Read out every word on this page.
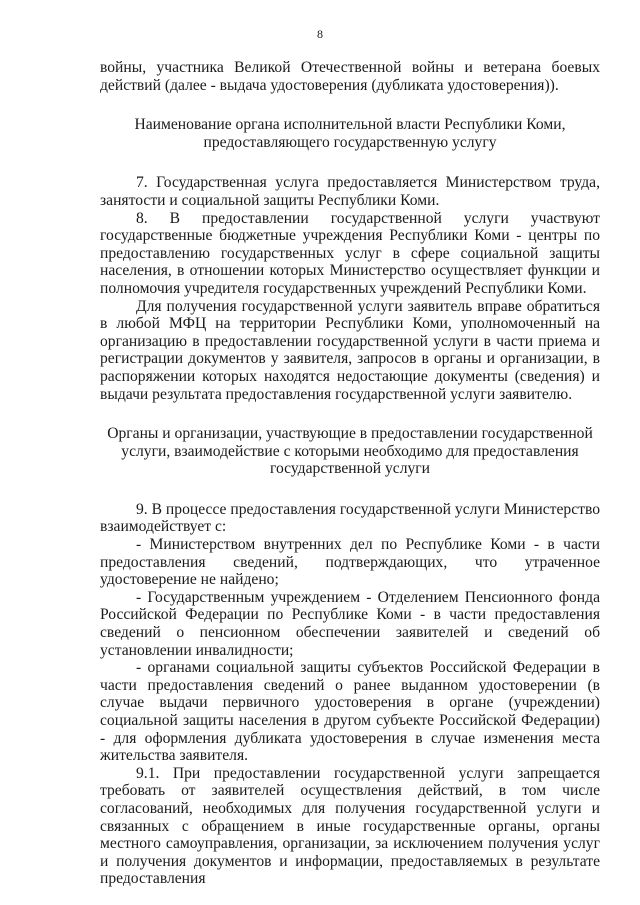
8

войны, участника Великой Отечественной войны и ветерана боевых действий (далее - выдача удостоверения (дубликата удостоверения)).

Наименование органа исполнительной власти Республики Коми,
предоставляющего государственную услугу

7. Государственная услуга предоставляется Министерством труда, занятости и социальной защиты Республики Коми.

8. В предоставлении государственной услуги участвуют государственные бюджетные учреждения Республики Коми - центры по предоставлению государственных услуг в сфере социальной защиты населения, в отношении которых Министерство осуществляет функции и полномочия учредителя государственных учреждений Республики Коми.

Для получения государственной услуги заявитель вправе обратиться в любой МФЦ на территории Республики Коми, уполномоченный на организацию в предоставлении государственной услуги в части приема и регистрации документов у заявителя, запросов в органы и организации, в распоряжении которых находятся недостающие документы (сведения) и выдачи результата предоставления государственной услуги заявителю.

Органы и организации, участвующие в предоставлении государственной
услуги, взаимодействие с которыми необходимо для предоставления
государственной услуги

9. В процессе предоставления государственной услуги Министерство взаимодействует с:

- Министерством внутренних дел по Республике Коми - в части предоставления сведений, подтверждающих, что утраченное удостоверение не найдено;

- Государственным учреждением - Отделением Пенсионного фонда Российской Федерации по Республике Коми - в части предоставления сведений о пенсионном обеспечении заявителей и сведений об установлении инвалидности;

- органами социальной защиты субъектов Российской Федерации в части предоставления сведений о ранее выданном удостоверении (в случае выдачи первичного удостоверения в органе (учреждении) социальной защиты населения в другом субъекте Российской Федерации) - для оформления дубликата удостоверения в случае изменения места жительства заявителя.

9.1. При предоставлении государственной услуги запрещается требовать от заявителей осуществления действий, в том числе согласований, необходимых для получения государственной услуги и связанных с обращением в иные государственные органы, органы местного самоуправления, организации, за исключением получения услуг и получения документов и информации, предоставляемых в результате предоставления
